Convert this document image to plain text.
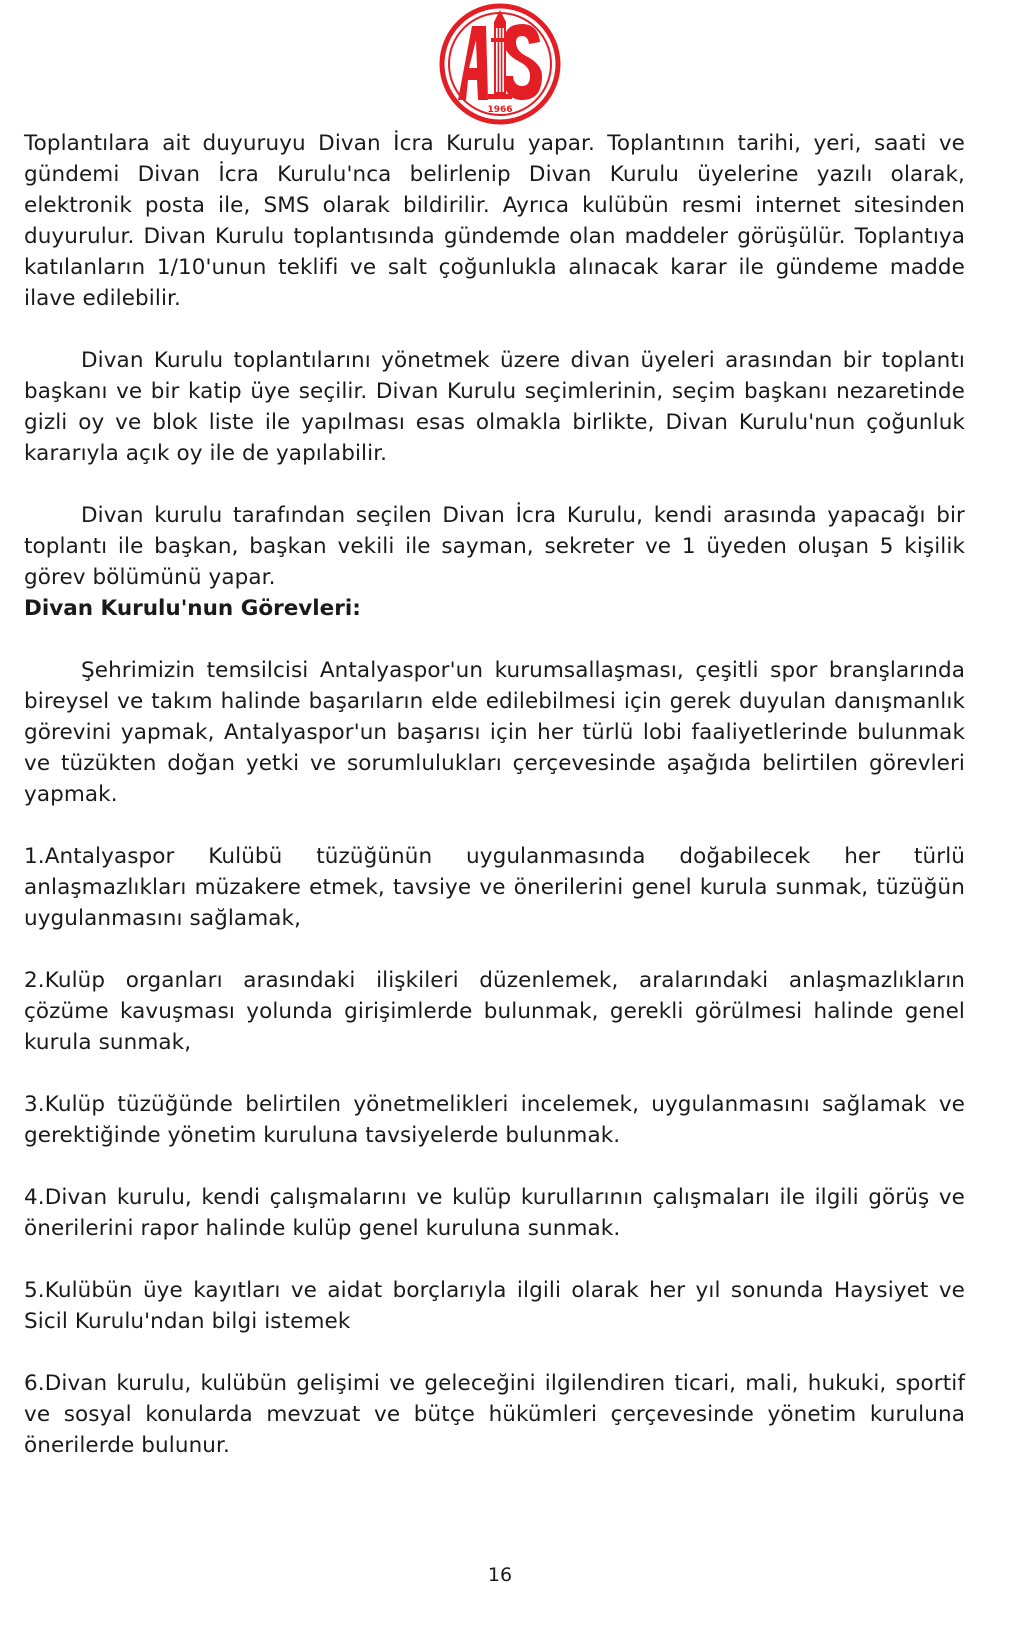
1966

Toplantılara ait duyuruyu Divan İcra Kurulu yapar. Toplantının tarihi, yeri, saati ve gündemi Divan İcra Kurulu'nca belirlenip Divan Kurulu üyelerine yazılı olarak, elektronik posta ile, SMS olarak bildirilir. Ayrıca kulübün resmi internet sitesinden duyurulur. Divan Kurulu toplantısında gündemde olan maddeler görüşülür. Toplantıya katılanların 1/10'unun teklifi ve salt çoğunlukla alınacak karar ile gündeme madde ilave edilebilir.

Divan Kurulu toplantılarını yönetmek üzere divan üyeleri arasından bir toplantı başkanı ve bir katip üye seçilir. Divan Kurulu seçimlerinin, seçim başkanı nezaretinde gizli oy ve blok liste ile yapılması esas olmakla birlikte, Divan Kurulu'nun çoğunluk kararıyla açık oy ile de yapılabilir.

Divan kurulu tarafından seçilen Divan İcra Kurulu, kendi arasında yapacağı bir toplantı ile başkan, başkan vekili ile sayman, sekreter ve 1 üyeden oluşan 5 kişilik görev bölümünü yapar.

Divan Kurulu'nun Görevleri:

Şehrimizin temsilcisi Antalyaspor'un kurumsallaşması, çeşitli spor branşlarında bireysel ve takım halinde başarıların elde edilebilmesi için gerek duyulan danışmanlık görevini yapmak, Antalyaspor'un başarısı için her türlü lobi faaliyetlerinde bulunmak ve tüzükten doğan yetki ve sorumlulukları çerçevesinde aşağıda belirtilen görevleri yapmak.

1.Antalyaspor Kulübü tüzüğünün uygulanmasında doğabilecek her türlü anlaşmazlıkları müzakere etmek, tavsiye ve önerilerini genel kurula sunmak, tüzüğün uygulanmasını sağlamak,

2.Kulüp organları arasındaki ilişkileri düzenlemek, aralarındaki anlaşmazlıkların çözüme kavuşması yolunda girişimlerde bulunmak, gerekli görülmesi halinde genel kurula sunmak,

3.Kulüp tüzüğünde belirtilen yönetmelikleri incelemek, uygulanmasını sağlamak ve gerektiğinde yönetim kuruluna tavsiyelerde bulunmak.

4.Divan kurulu, kendi çalışmalarını ve kulüp kurullarının çalışmaları ile ilgili görüş ve önerilerini rapor halinde kulüp genel kuruluna sunmak.

5.Kulübün üye kayıtları ve aidat borçlarıyla ilgili olarak her yıl sonunda Haysiyet ve Sicil Kurulu'ndan bilgi istemek

6.Divan kurulu, kulübün gelişimi ve geleceğini ilgilendiren ticari, mali, hukuki, sportif ve sosyal konularda mevzuat ve bütçe hükümleri çerçevesinde yönetim kuruluna önerilerde bulunur.

16
